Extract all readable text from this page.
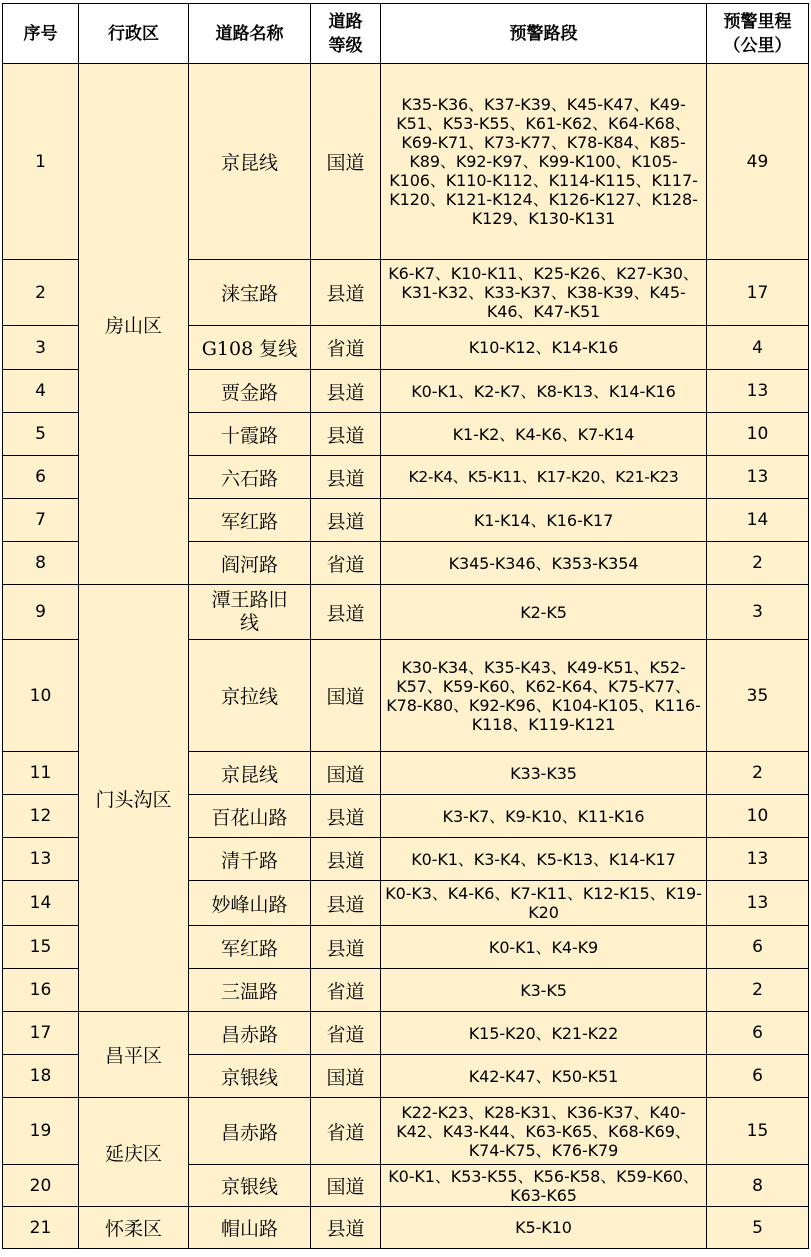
序号	行政区	道路名称	道路等级	预警路段	预警里程（公里）
1	房山区	京昆线	国道	K35-K36、K37-K39、K45-K47、K49-K51、K53-K55、K61-K62、K64-K68、K69-K71、K73-K77、K78-K84、K85-K89、K92-K97、K99-K100、K105-K106、K110-K112、K114-K115、K117-K120、K121-K124、K126-K127、K128-K129、K130-K131	49
2		涞宝路	县道	K6-K7、K10-K11、K25-K26、K27-K30、K31-K32、K33-K37、K38-K39、K45-K46、K47-K51	17
3		G108 复线	省道	K10-K12、K14-K16	4
4		贾金路	县道	K0-K1、K2-K7、K8-K13、K14-K16	13
5		十霞路	县道	K1-K2、K4-K6、K7-K14	10
6		六石路	县道	K2-K4、K5-K11、K17-K20、K21-K23	13
7		军红路	县道	K1-K14、K16-K17	14
8		阎河路	省道	K345-K346、K353-K354	2
9	门头沟区	潭王路旧线	县道	K2-K5	3
10		京拉线	国道	K30-K34、K35-K43、K49-K51、K52-K57、K59-K60、K62-K64、K75-K77、K78-K80、K92-K96、K104-K105、K116-K118、K119-K121	35
11		京昆线	国道	K33-K35	2
12		百花山路	县道	K3-K7、K9-K10、K11-K16	10
13		清千路	县道	K0-K1、K3-K4、K5-K13、K14-K17	13
14		妙峰山路	县道	K0-K3、K4-K6、K7-K11、K12-K15、K19-K20	13
15		军红路	县道	K0-K1、K4-K9	6
16		三温路	省道	K3-K5	2
17	昌平区	昌赤路	省道	K15-K20、K21-K22	6
18		京银线	国道	K42-K47、K50-K51	6
19	延庆区	昌赤路	省道	K22-K23、K28-K31、K36-K37、K40-K42、K43-K44、K63-K65、K68-K69、K74-K75、K76-K79	15
20		京银线	国道	K0-K1、K53-K55、K56-K58、K59-K60、K63-K65	8
21	怀柔区	帽山路	县道	K5-K10	5
